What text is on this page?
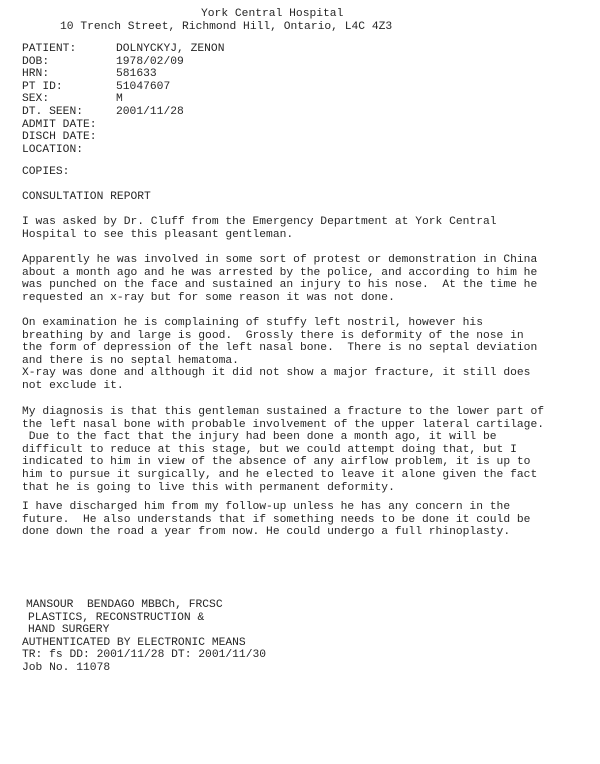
York Central Hospital
10 Trench Street, Richmond Hill, Ontario, L4C 4Z3
PATIENT:	DOLNYCKYJ, ZENON
DOB:	1978/02/09
HRN:	581633
PT ID:	51047607
SEX:	M
DT. SEEN:	2001/11/28
ADMIT DATE:
DISCH DATE:
LOCATION:
COPIES:
CONSULTATION REPORT
I was asked by Dr. Cluff from the Emergency Department at York Central
Hospital to see this pleasant gentleman.
Apparently he was involved in some sort of protest or demonstration in China
about a month ago and he was arrested by the police, and according to him he
was punched on the face and sustained an injury to his nose.  At the time he
requested an x-ray but for some reason it was not done.
On examination he is complaining of stuffy left nostril, however his
breathing by and large is good.  Grossly there is deformity of the nose in
the form of depression of the left nasal bone.  There is no septal deviation
and there is no septal hematoma.
X-ray was done and although it did not show a major fracture, it still does
not exclude it.
My diagnosis is that this gentleman sustained a fracture to the lower part of
the left nasal bone with probable involvement of the upper lateral cartilage.
Due to the fact that the injury had been done a month ago, it will be
difficult to reduce at this stage, but we could attempt doing that, but I
indicated to him in view of the absence of any airflow problem, it is up to
him to pursue it surgically, and he elected to leave it alone given the fact
that he is going to live this with permanent deformity.
I have discharged him from my follow-up unless he has any concern in the
future.  He also understands that if something needs to be done it could be
done down the road a year from now. He could undergo a full rhinoplasty.
MANSOUR  BENDAGO MBBCh, FRCSC
PLASTICS, RECONSTRUCTION &
HAND SURGERY
AUTHENTICATED BY ELECTRONIC MEANS
TR: fs DD: 2001/11/28 DT: 2001/11/30
Job No. 11078
